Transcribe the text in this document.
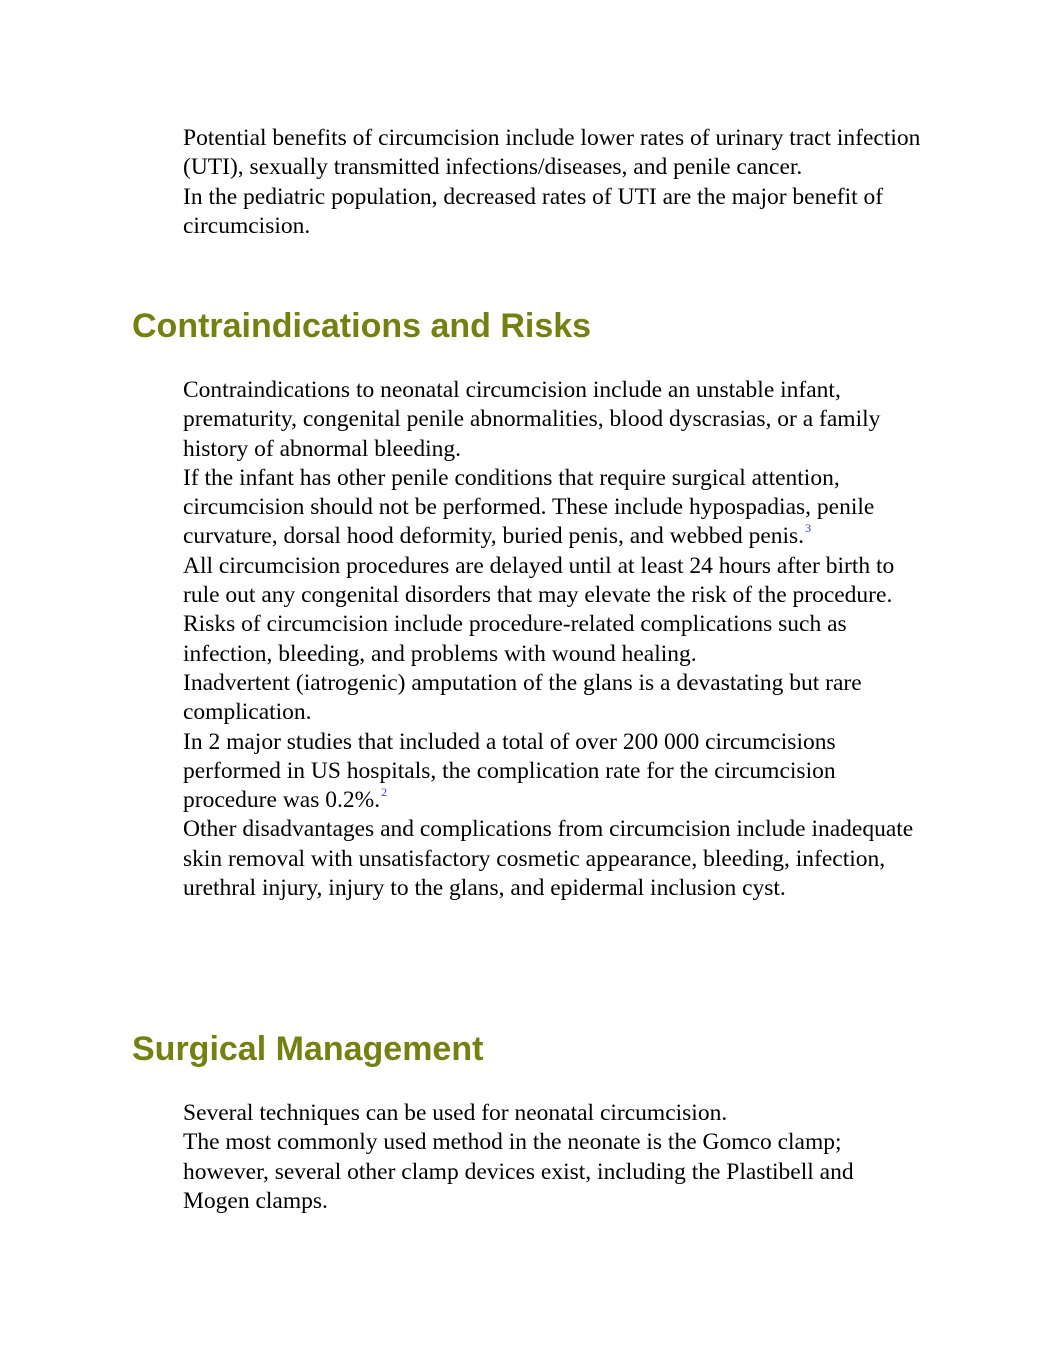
Potential benefits of circumcision include lower rates of urinary tract infection (UTI), sexually transmitted infections/diseases, and penile cancer.

In the pediatric population, decreased rates of UTI are the major benefit of circumcision.

Contraindications and Risks

Contraindications to neonatal circumcision include an unstable infant, prematurity, congenital penile abnormalities, blood dyscrasias, or a family history of abnormal bleeding.

If the infant has other penile conditions that require surgical attention, circumcision should not be performed. These include hypospadias, penile curvature, dorsal hood deformity, buried penis, and webbed penis.$^3$

All circumcision procedures are delayed until at least 24 hours after birth to rule out any congenital disorders that may elevate the risk of the procedure.

Risks of circumcision include procedure-related complications such as infection, bleeding, and problems with wound healing.

Inadvertent (iatrogenic) amputation of the glans is a devastating but rare complication.

In 2 major studies that included a total of over 200 000 circumcisions performed in US hospitals, the complication rate for the circumcision procedure was 0.2%.$^2$

Other disadvantages and complications from circumcision include inadequate skin removal with unsatisfactory cosmetic appearance, bleeding, infection, urethral injury, injury to the glans, and epidermal inclusion cyst.

Surgical Management

Several techniques can be used for neonatal circumcision.

The most commonly used method in the neonate is the Gomco clamp; however, several other clamp devices exist, including the Plastibell and Mogen clamps.
